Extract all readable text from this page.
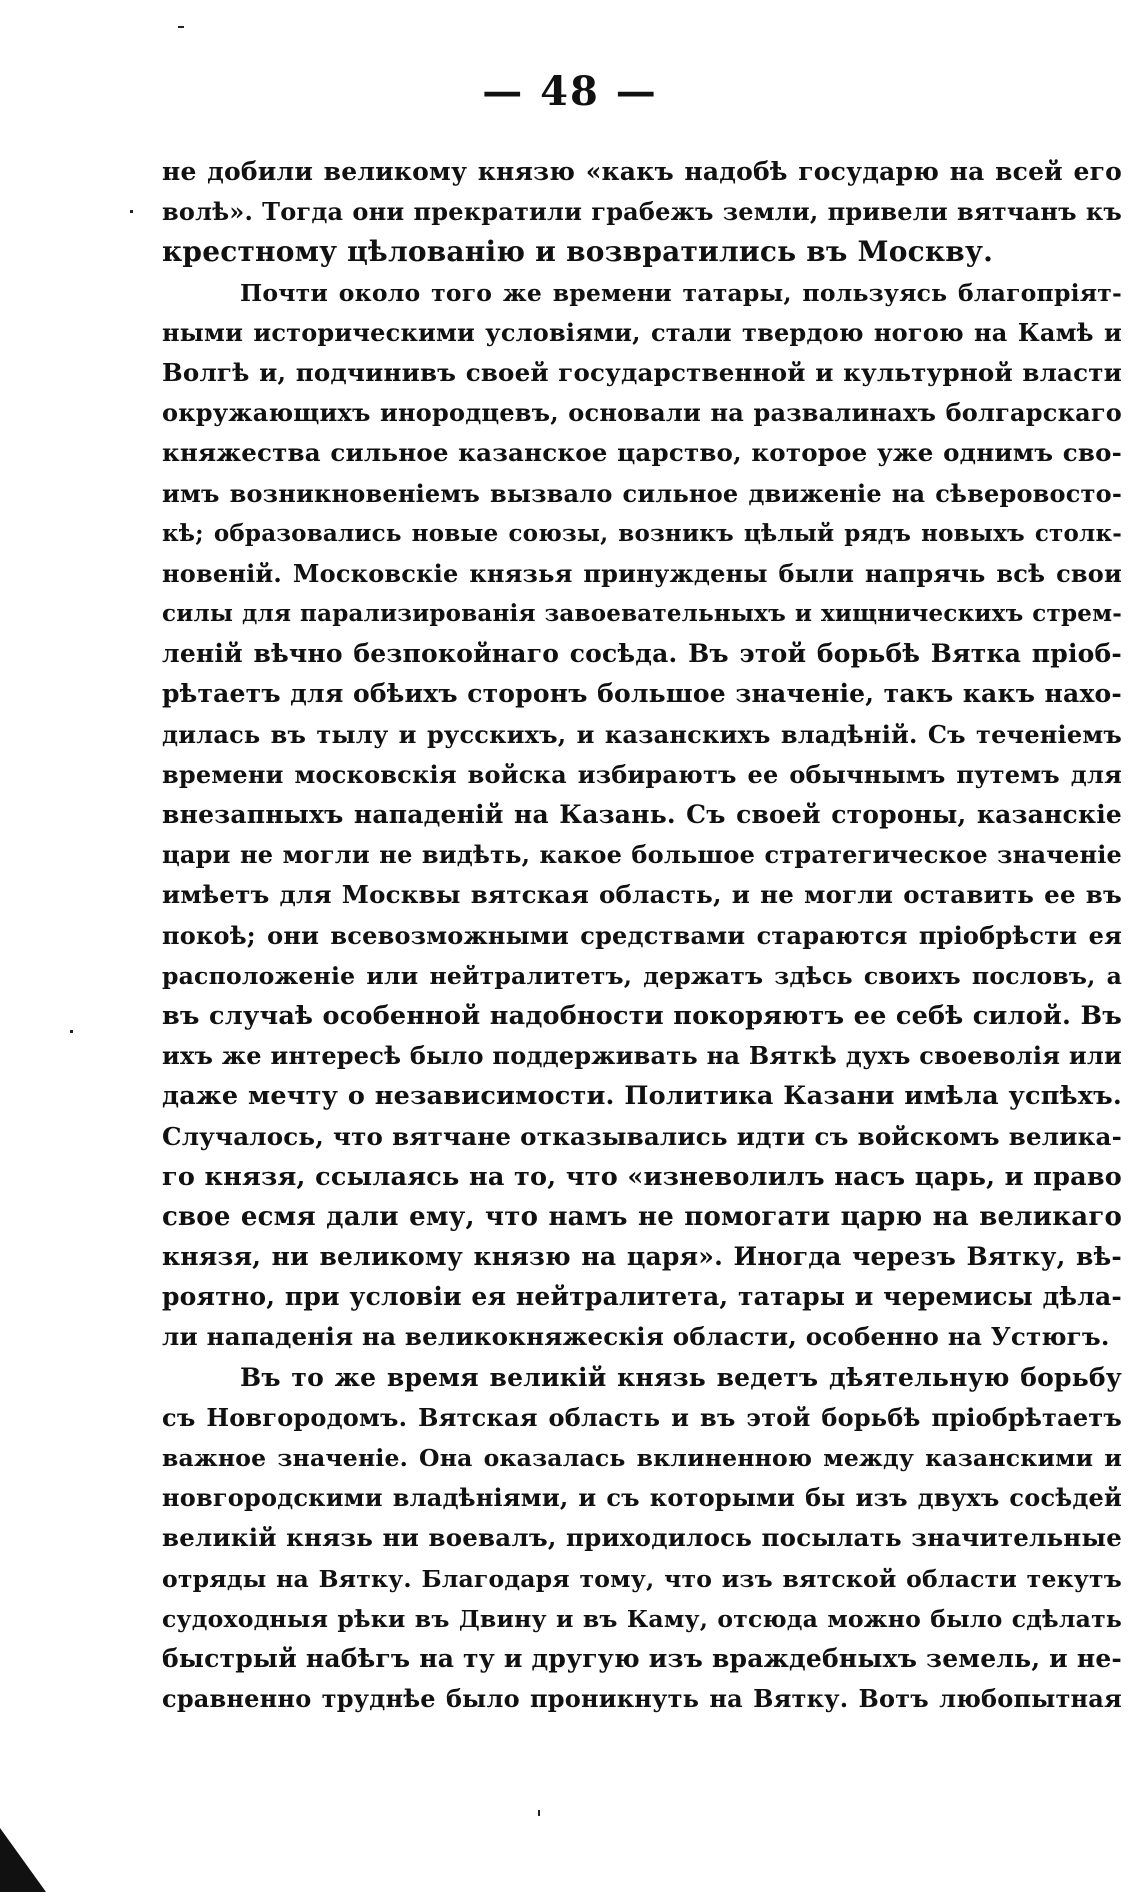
— 48 —
не добили великому князю «какъ надобѣ государю на всей его
волѣ». Тогда они прекратили грабежъ земли, привели вятчанъ къ
крестному цѣлованію и возвратились въ Москву.
Почти около того же времени татары, пользуясь благопріят-
ными историческими условіями, стали твердою ногою на Камѣ и
Волгѣ и, подчинивъ своей государственной и культурной власти
окружающихъ инородцевъ, основали на развалинахъ болгарскаго
княжества сильное казанское царство, которое уже однимъ сво-
имъ возникновеніемъ вызвало сильное движеніе на сѣверовосто-
кѣ; образовались новые союзы, возникъ цѣлый рядъ новыхъ столк-
новеній. Московскіе князья принуждены были напрячь всѣ свои
силы для парализированія завоевательныхъ и хищническихъ стрем-
леній вѣчно безпокойнаго сосѣда. Въ этой борьбѣ Вятка пріоб-
рѣтаетъ для обѣихъ сторонъ большое значеніе, такъ какъ нахо-
дилась въ тылу и русскихъ, и казанскихъ владѣній. Съ теченіемъ
времени московскія войска избираютъ ее обычнымъ путемъ для
внезапныхъ нападеній на Казань. Съ своей стороны, казанскіе
цари не могли не видѣть, какое большое стратегическое значеніе
имѣетъ для Москвы вятская область, и не могли оставить ее въ
покоѣ; они всевозможными средствами стараются пріобрѣсти ея
расположеніе или нейтралитетъ, держатъ здѣсь своихъ пословъ, а
въ случаѣ особенной надобности покоряютъ ее себѣ силой. Въ
ихъ же интересѣ было поддерживать на Вяткѣ духъ своеволія или
даже мечту о независимости. Политика Казани имѣла успѣхъ.
Случалось, что вятчане отказывались идти съ войскомъ велика-
го князя, ссылаясь на то, что «изневолилъ насъ царь, и право
свое есмя дали ему, что намъ не помогати царю на великаго
князя, ни великому князю на царя». Иногда черезъ Вятку, вѣ-
роятно, при условіи ея нейтралитета, татары и черемисы дѣла-
ли нападенія на великокняжескія области, особенно на Устюгъ.
Въ то же время великій князь ведетъ дѣятельную борьбу
съ Новгородомъ. Вятская область и въ этой борьбѣ пріобрѣтаетъ
важное значеніе. Она оказалась вклиненною между казанскими и
новгородскими владѣніями, и съ которыми бы изъ двухъ сосѣдей
великій князь ни воевалъ, приходилось посылать значительные
отряды на Вятку. Благодаря тому, что изъ вятской области текутъ
судоходныя рѣки въ Двину и въ Каму, отсюда можно было сдѣлать
быстрый набѣгъ на ту и другую изъ враждебныхъ земель, и не-
сравненно труднѣе было проникнуть на Вятку. Вотъ любопытная
